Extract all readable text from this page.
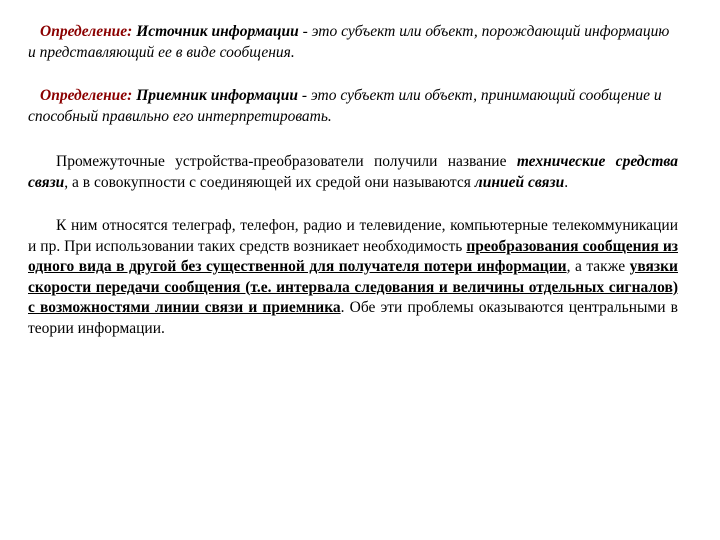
Определение: Источник информации - это субъект или объект, порождающий информацию и представляющий ее в виде сообщения.

Определение: Приемник информации - это субъект или объект, принимающий сообщение и способный правильно его интерпретировать.

Промежуточные устройства-преобразователи получили название технические средства связи, а в совокупности с соединяющей их средой они называются линией связи.

К ним относятся телеграф, телефон, радио и телевидение, компьютерные телекоммуникации и пр. При использовании таких средств возникает необходимость преобразования сообщения из одного вида в другой без существенной для получателя потери информации, а также увязки скорости передачи сообщения (т.е. интервала следования и величины отдельных сигналов) с возможностями линии связи и приемника. Обе эти проблемы оказываются центральными в теории информации.
